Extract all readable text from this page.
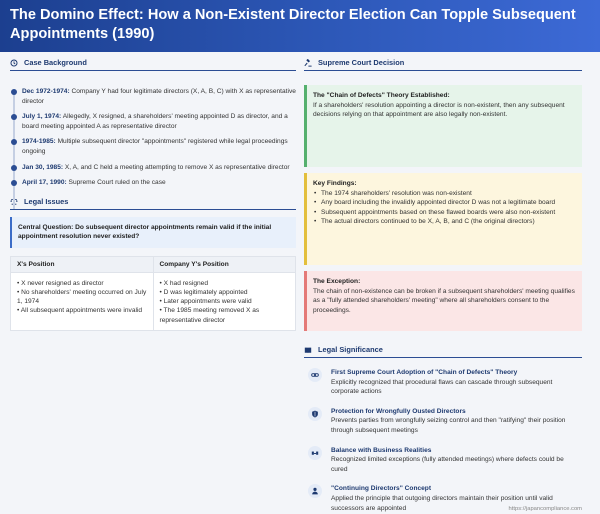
The Domino Effect: How a Non-Existent Director Election Can Topple Subsequent Appointments (1990)
Case Background
Dec 1972-1974: Company Y had four legitimate directors (X, A, B, C) with X as representative director
July 1, 1974: Allegedly, X resigned, a shareholders' meeting appointed D as director, and a board meeting appointed A as representative director
1974-1985: Multiple subsequent director "appointments" registered while legal proceedings ongoing
Jan 30, 1985: X, A, and C held a meeting attempting to remove X as representative director
April 17, 1990: Supreme Court ruled on the case
Legal Issues
Central Question: Do subsequent director appointments remain valid if the initial appointment resolution never existed?
X's Position
• X never resigned as director
• No shareholders' meeting occurred on July 1, 1974
• All subsequent appointments were invalid
Company Y's Position
• X had resigned
• D was legitimately appointed
• Later appointments were valid
• The 1985 meeting removed X as representative director
Supreme Court Decision
The "Chain of Defects" Theory Established:
If a shareholders' resolution appointing a director is non-existent, then any subsequent decisions relying on that appointment are also legally non-existent.
Key Findings:
• The 1974 shareholders' resolution was non-existent
• Any board including the invalidly appointed director D was not a legitimate board
• Subsequent appointments based on these flawed boards were also non-existent
• The actual directors continued to be X, A, B, and C (the original directors)
The Exception:
The chain of non-existence can be broken if a subsequent shareholders' meeting qualifies as a "fully attended shareholders' meeting" where all shareholders consent to the proceedings.
Legal Significance
First Supreme Court Adoption of "Chain of Defects" Theory
Explicitly recognized that procedural flaws can cascade through subsequent corporate actions
Protection for Wrongfully Ousted Directors
Prevents parties from wrongfully seizing control and then "ratifying" their position through subsequent meetings
Balance with Business Realities
Recognized limited exceptions (fully attended meetings) where defects could be cured
"Continuing Directors" Concept
Applied the principle that outgoing directors maintain their position until valid successors are appointed	https://japancompliance.com
